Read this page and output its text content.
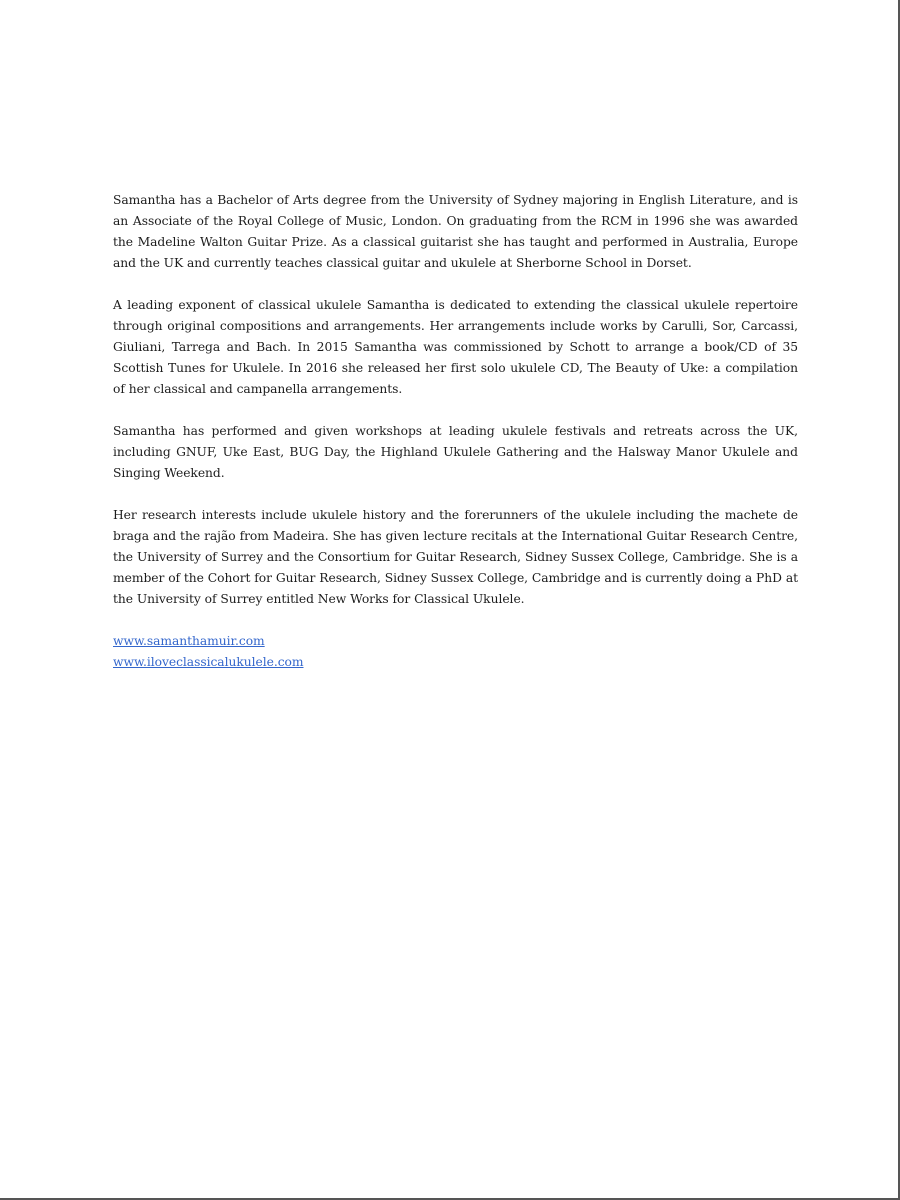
Samantha has a Bachelor of Arts degree from the University of Sydney majoring in English Literature, and is an Associate of the Royal College of Music, London. On graduating from the RCM in 1996 she was awarded the Madeline Walton Guitar Prize. As a classical guitarist she has taught and performed in Australia, Europe and the UK and currently teaches classical guitar and ukulele at Sherborne School in Dorset.

A leading exponent of classical ukulele Samantha is dedicated to extending the classical ukulele repertoire through original compositions and arrangements. Her arrangements include works by Carulli, Sor, Carcassi, Giuliani, Tarrega and Bach. In 2015 Samantha was commissioned by Schott to arrange a book/CD of 35 Scottish Tunes for Ukulele. In 2016 she released her first solo ukulele CD, The Beauty of Uke: a compilation of her classical and campanella arrangements.

Samantha has performed and given workshops at leading ukulele festivals and retreats across the UK, including GNUF, Uke East, BUG Day, the Highland Ukulele Gathering and the Halsway Manor Ukulele and Singing Weekend.

Her research interests include ukulele history and the forerunners of the ukulele including the machete de braga and the rajão from Madeira. She has given lecture recitals at the International Guitar Research Centre, the University of Surrey and the Consortium for Guitar Research, Sidney Sussex College, Cambridge. She is a member of the Cohort for Guitar Research, Sidney Sussex College, Cambridge and is currently doing a PhD at the University of Surrey entitled New Works for Classical Ukulele.

www.samanthamuir.com
www.iloveclassicalukulele.com
